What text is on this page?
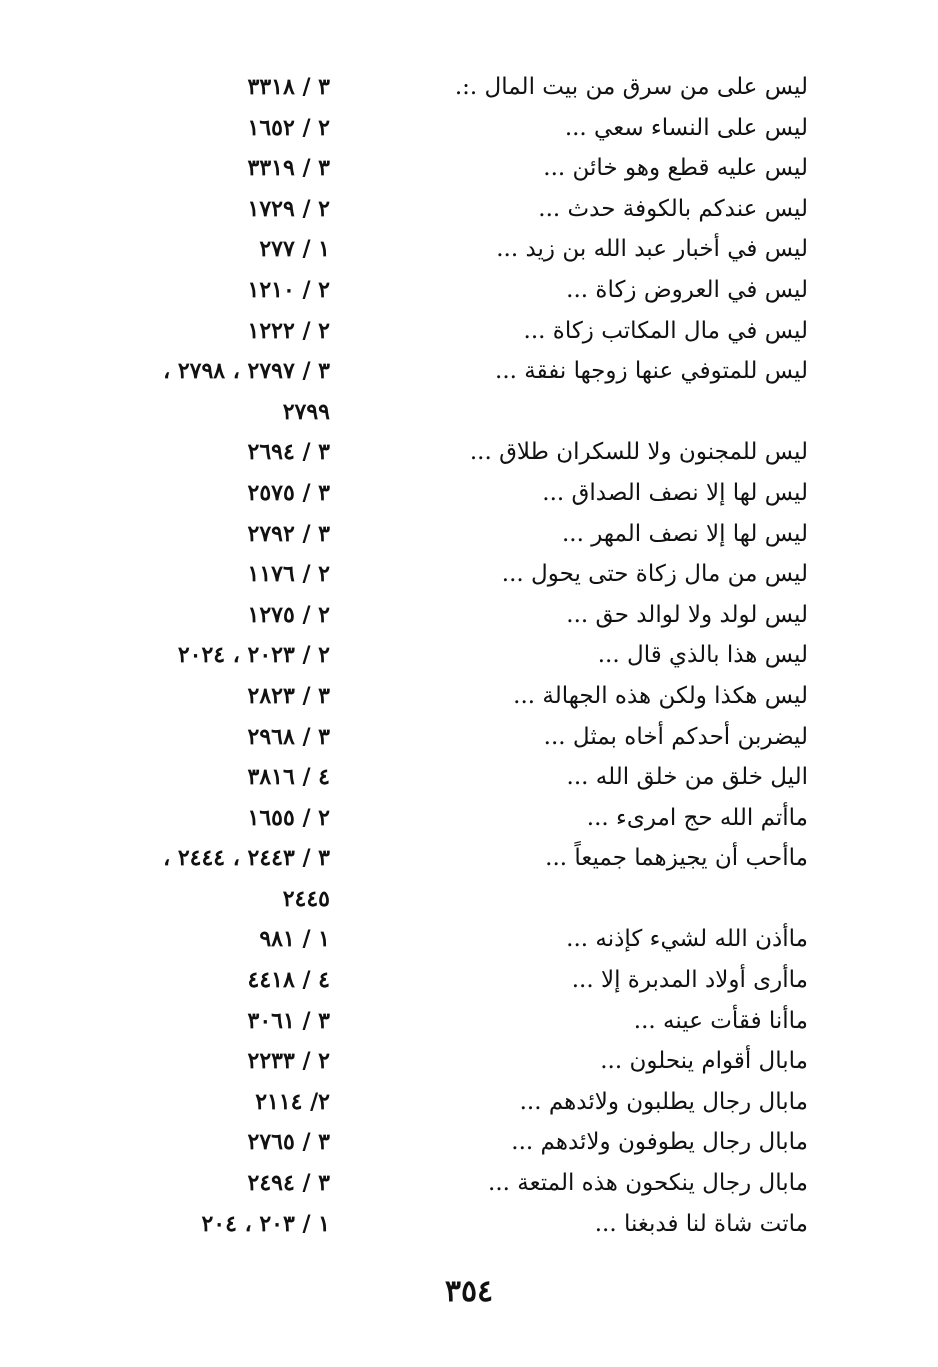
ليس على من سرق من بيت المال .:.
٣ / ٣٣١٨
ليس على النساء سعي ...
٢ / ١٦٥٢
ليس عليه قطع وهو خائن ...
٣ / ٣٣١٩
ليس عندكم بالكوفة حدث ...
٢ / ١٧٢٩
ليس في أخبار عبد الله بن زيد ...
١ / ٢٧٧
ليس في العروض زكاة ...
٢ / ١٢١٠
ليس في مال المكاتب زكاة ...
٢ / ١٢٢٢
ليس للمتوفي عنها زوجها نفقة ...
٣ / ٢٧٩٧ ، ٢٧٩٨ ،
٢٧٩٩
ليس للمجنون ولا للسكران طلاق ...
٣ / ٢٦٩٤
ليس لها إلا نصف الصداق ...
٣ / ٢٥٧٥
ليس لها إلا نصف المهر ...
٣ / ٢٧٩٢
ليس من مال زكاة حتى يحول ...
٢ / ١١٧٦
ليس لولد ولا لوالد حق ...
٢ / ١٢٧٥
ليس هذا بالذي قال ...
٢ / ٢٠٢٣ ، ٢٠٢٤
ليس هكذا ولكن هذه الجهالة ...
٣ / ٢٨٢٣
ليضربن أحدكم أخاه بمثل ...
٣ / ٢٩٦٨
اليل خلق من خلق الله ...
٤ / ٣٨١٦
ماأتم الله حج امرىء ...
٢ / ١٦٥٥
ماأحب أن يجيزهما جميعاً ...
٣ / ٢٤٤٣ ، ٢٤٤٤ ،
٢٤٤٥
ماأذن الله لشيء كإذنه ...
١ / ٩٨١
ماأرى أولاد المدبرة إلا ...
٤ / ٤٤١٨
ماأنا فقأت عينه ...
٣ / ٣٠٦١
مابال أقوام ينحلون ...
٢ / ٢٢٣٣
مابال رجال يطلبون ولائدهم ...
٢/ ٢١١٤
مابال رجال يطوفون ولائدهم ...
٣ / ٢٧٦٥
مابال رجال ينكحون هذه المتعة ...
٣ / ٢٤٩٤
ماتت شاة لنا فدبغنا ...
١ / ٢٠٣ ، ٢٠٤
٣٥٤
